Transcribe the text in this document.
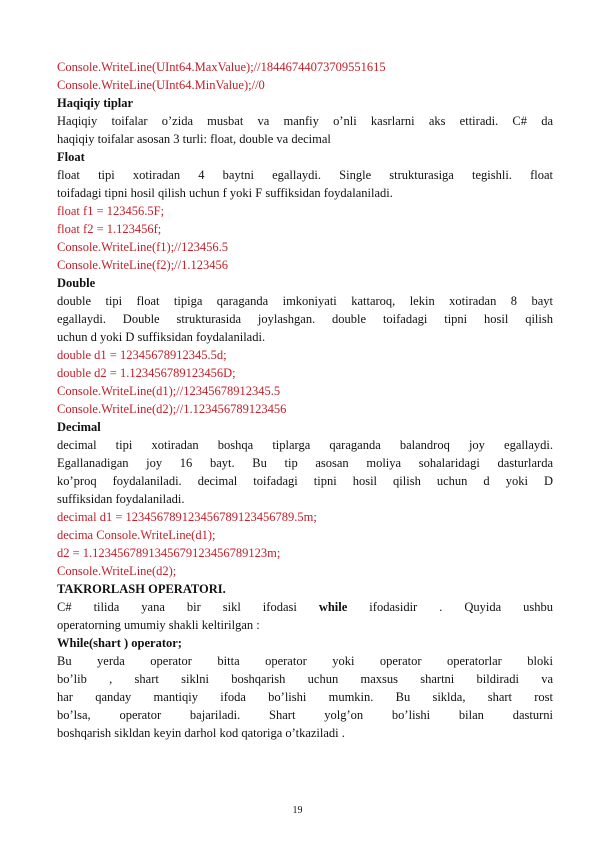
Console.WriteLine(UInt64.MaxValue);//18446744073709551615
Console.WriteLine(UInt64.MinValue);//0
Haqiqiy tiplar
Haqiqiy toifalar o’zida musbat va manfiy o’nli kasrlarni aks ettiradi. C# da
haqiqiy toifalar asosan 3 turli: float, double va decimal
Float
float tipi xotiradan 4 baytni egallaydi. Single strukturasiga tegishli. float
toifadagi tipni hosil qilish uchun f yoki F suffiksidan foydalaniladi.
float f1 = 123456.5F;
float f2 = 1.123456f;
Console.WriteLine(f1);//123456.5
Console.WriteLine(f2);//1.123456
Double
double tipi float tipiga qaraganda imkoniyati kattaroq, lekin xotiradan 8 bayt
egallaydi. Double strukturasida joylashgan. double toifadagi tipni hosil qilish
uchun d yoki D suffiksidan foydalaniladi.
double d1 = 12345678912345.5d;
double d2 = 1.123456789123456D;
Console.WriteLine(d1);//12345678912345.5
Console.WriteLine(d2);//1.123456789123456
Decimal
decimal tipi xotiradan boshqa tiplarga qaraganda balandroq joy egallaydi.
Egallanadigan joy 16 bayt. Bu tip asosan moliya sohalaridagi dasturlarda
ko’proq foydalaniladi. decimal toifadagi tipni hosil qilish uchun d yoki D
suffiksidan foydalaniladi.
decimal d1 = 123456789123456789123456789.5m;
decima Console.WriteLine(d1);
d2 = 1.1234567891345679123456789123m;
Console.WriteLine(d2);
TAKRORLASH OPERATORI.
C# tilida yana bir sikl ifodasi while ifodasidir . Quyida ushbu
operatorning umumiy shakli keltirilgan :
While(shart ) operator;
Bu yerda operator bitta operator yoki operator operatorlar bloki
bo’lib , shart siklni boshqarish uchun maxsus shartni bildiradi va
har qanday mantiqiy ifoda bo’lishi mumkin. Bu siklda, shart rost
bo’lsa, operator bajariladi. Shart yolg’on bo’lishi bilan dasturni
boshqarish sikldan keyin darhol kod qatoriga o’tkaziladi .
19
